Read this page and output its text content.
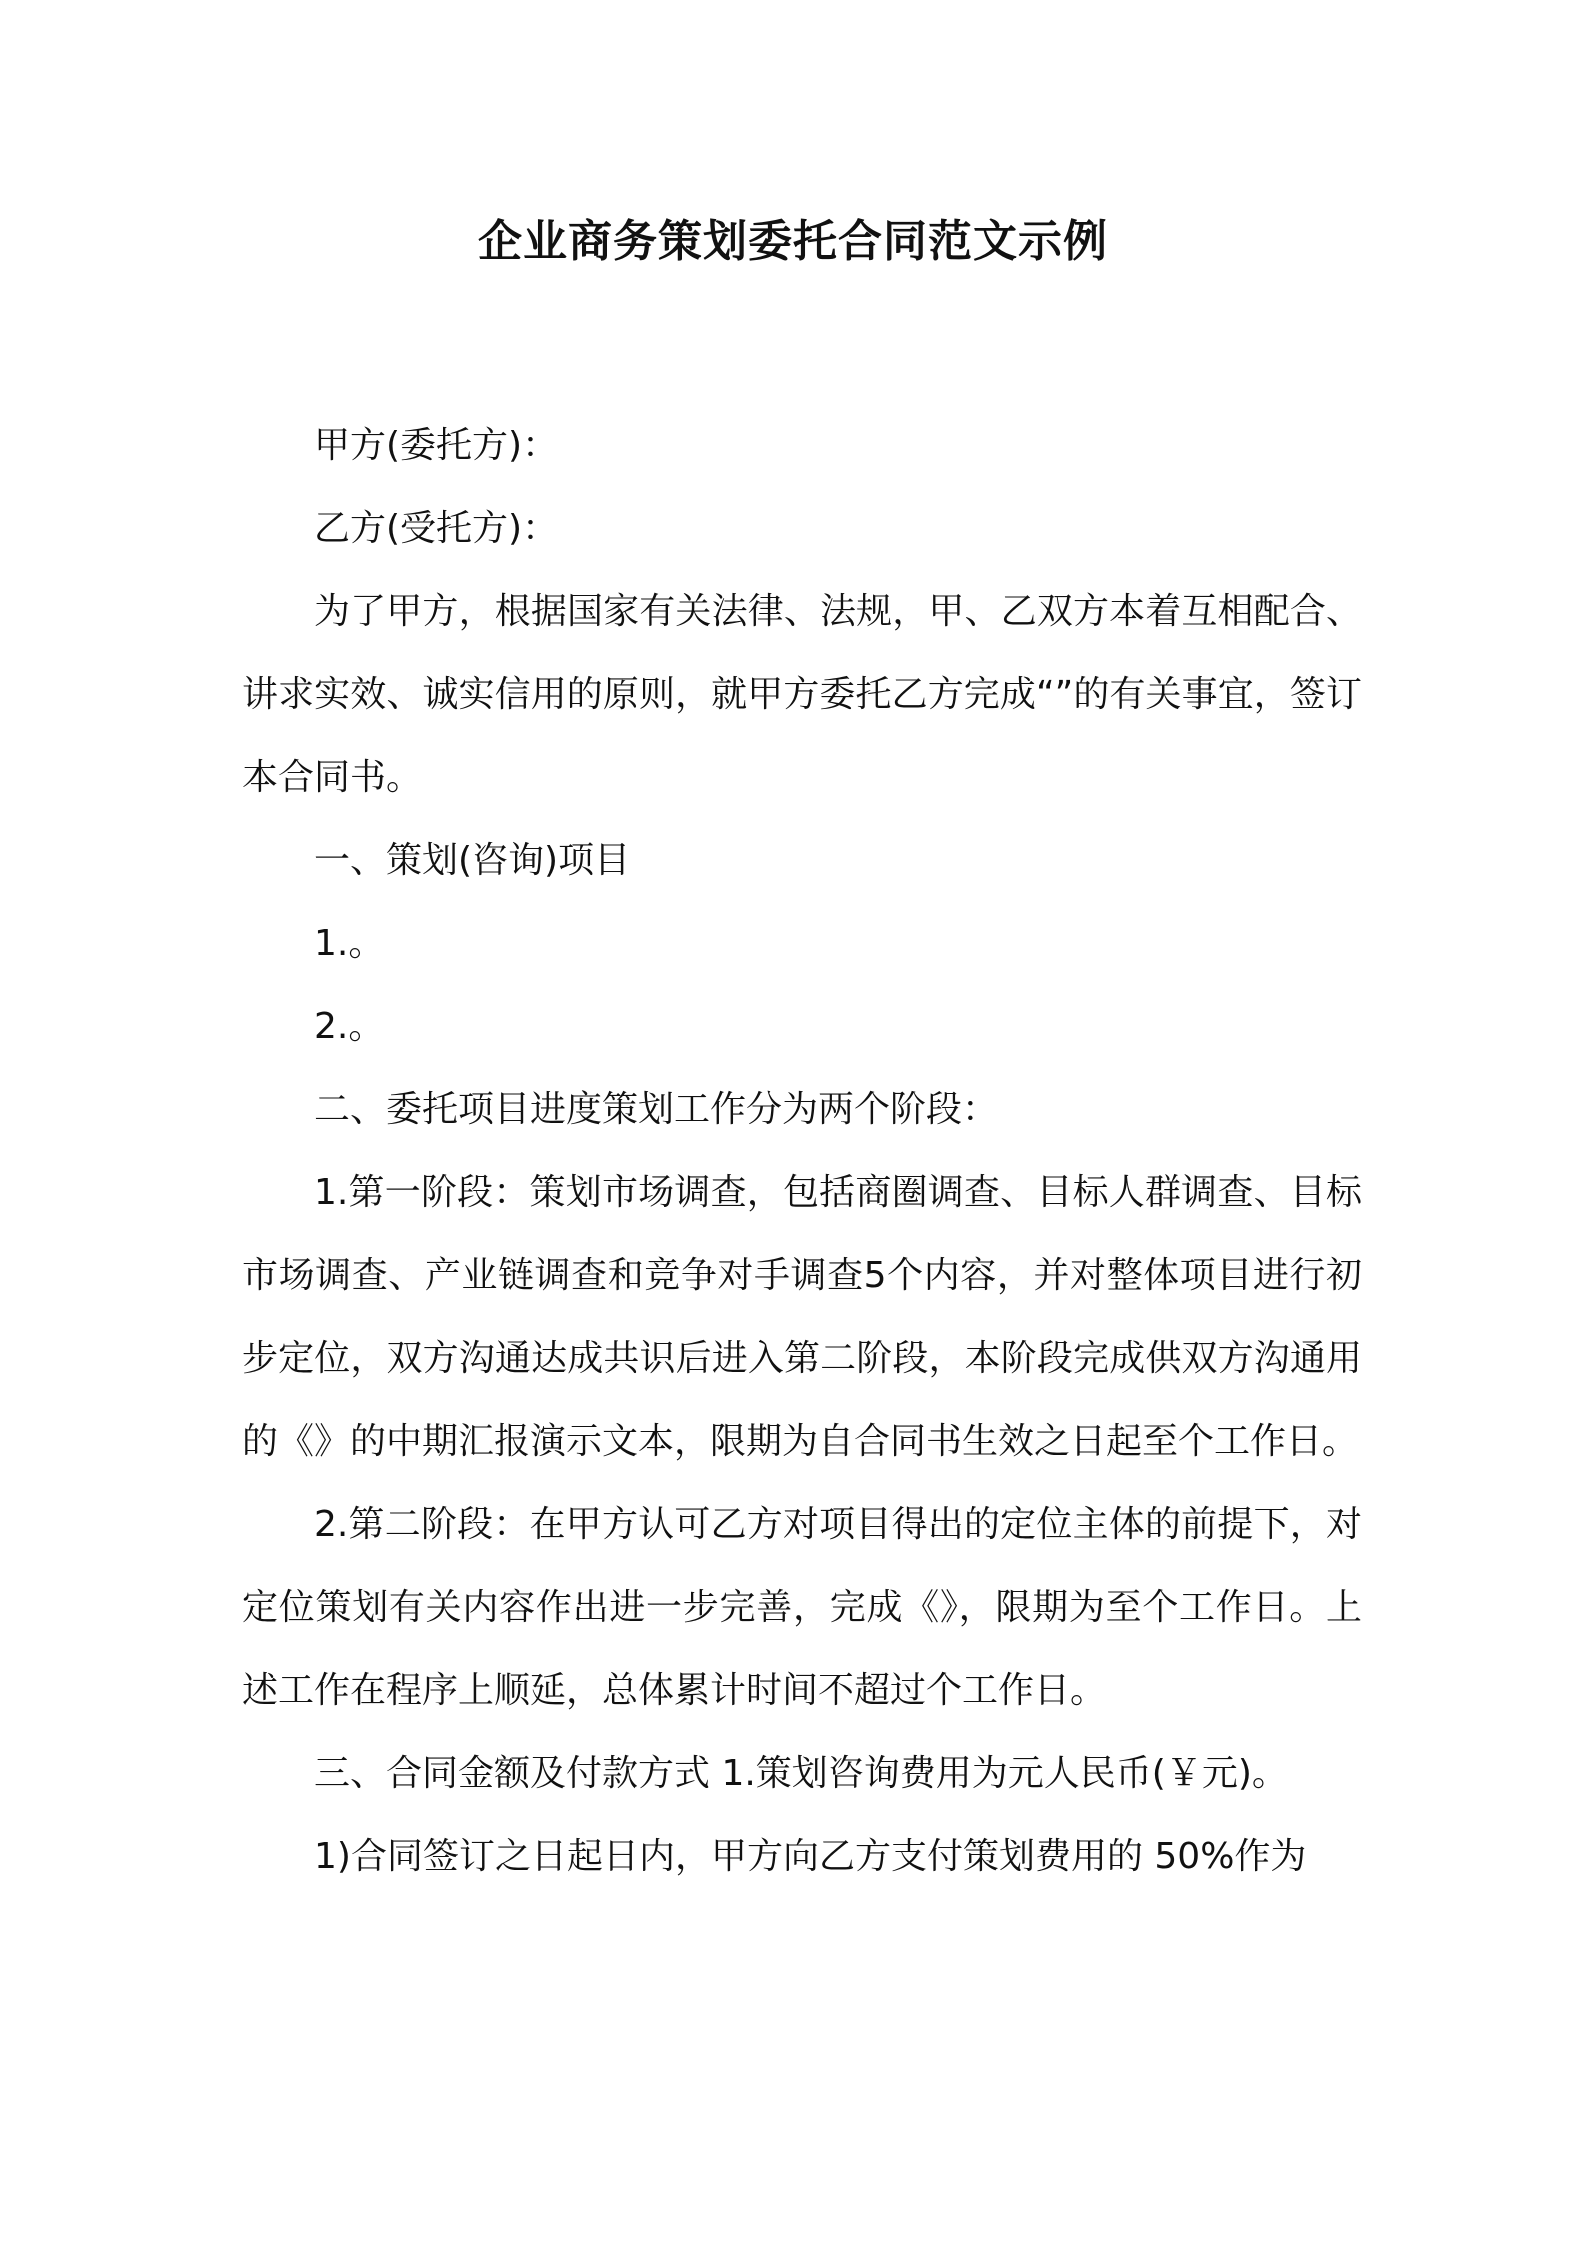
企业商务策划委托合同范文示例

甲方(委托方)：

乙方(受托方)：

为了甲方，根据国家有关法律、法规，甲、乙双方本着互相配合、讲求实效、诚实信用的原则，就甲方委托乙方完成“”的有关事宜，签订本合同书。

一、策划(咨询)项目

1.。

2.。

二、委托项目进度策划工作分为两个阶段：

1.第一阶段：策划市场调查，包括商圈调查、目标人群调查、目标市场调查、产业链调查和竞争对手调查5个内容，并对整体项目进行初步定位，双方沟通达成共识后进入第二阶段，本阶段完成供双方沟通用的《》的中期汇报演示文本，限期为自合同书生效之日起至个工作日。

2.第二阶段：在甲方认可乙方对项目得出的定位主体的前提下，对定位策划有关内容作出进一步完善，完成《》，限期为至个工作日。上述工作在程序上顺延，总体累计时间不超过个工作日。

三、合同金额及付款方式 1.策划咨询费用为元人民币(￥元)。

1)合同签订之日起日内，甲方向乙方支付策划费用的 50%作为
